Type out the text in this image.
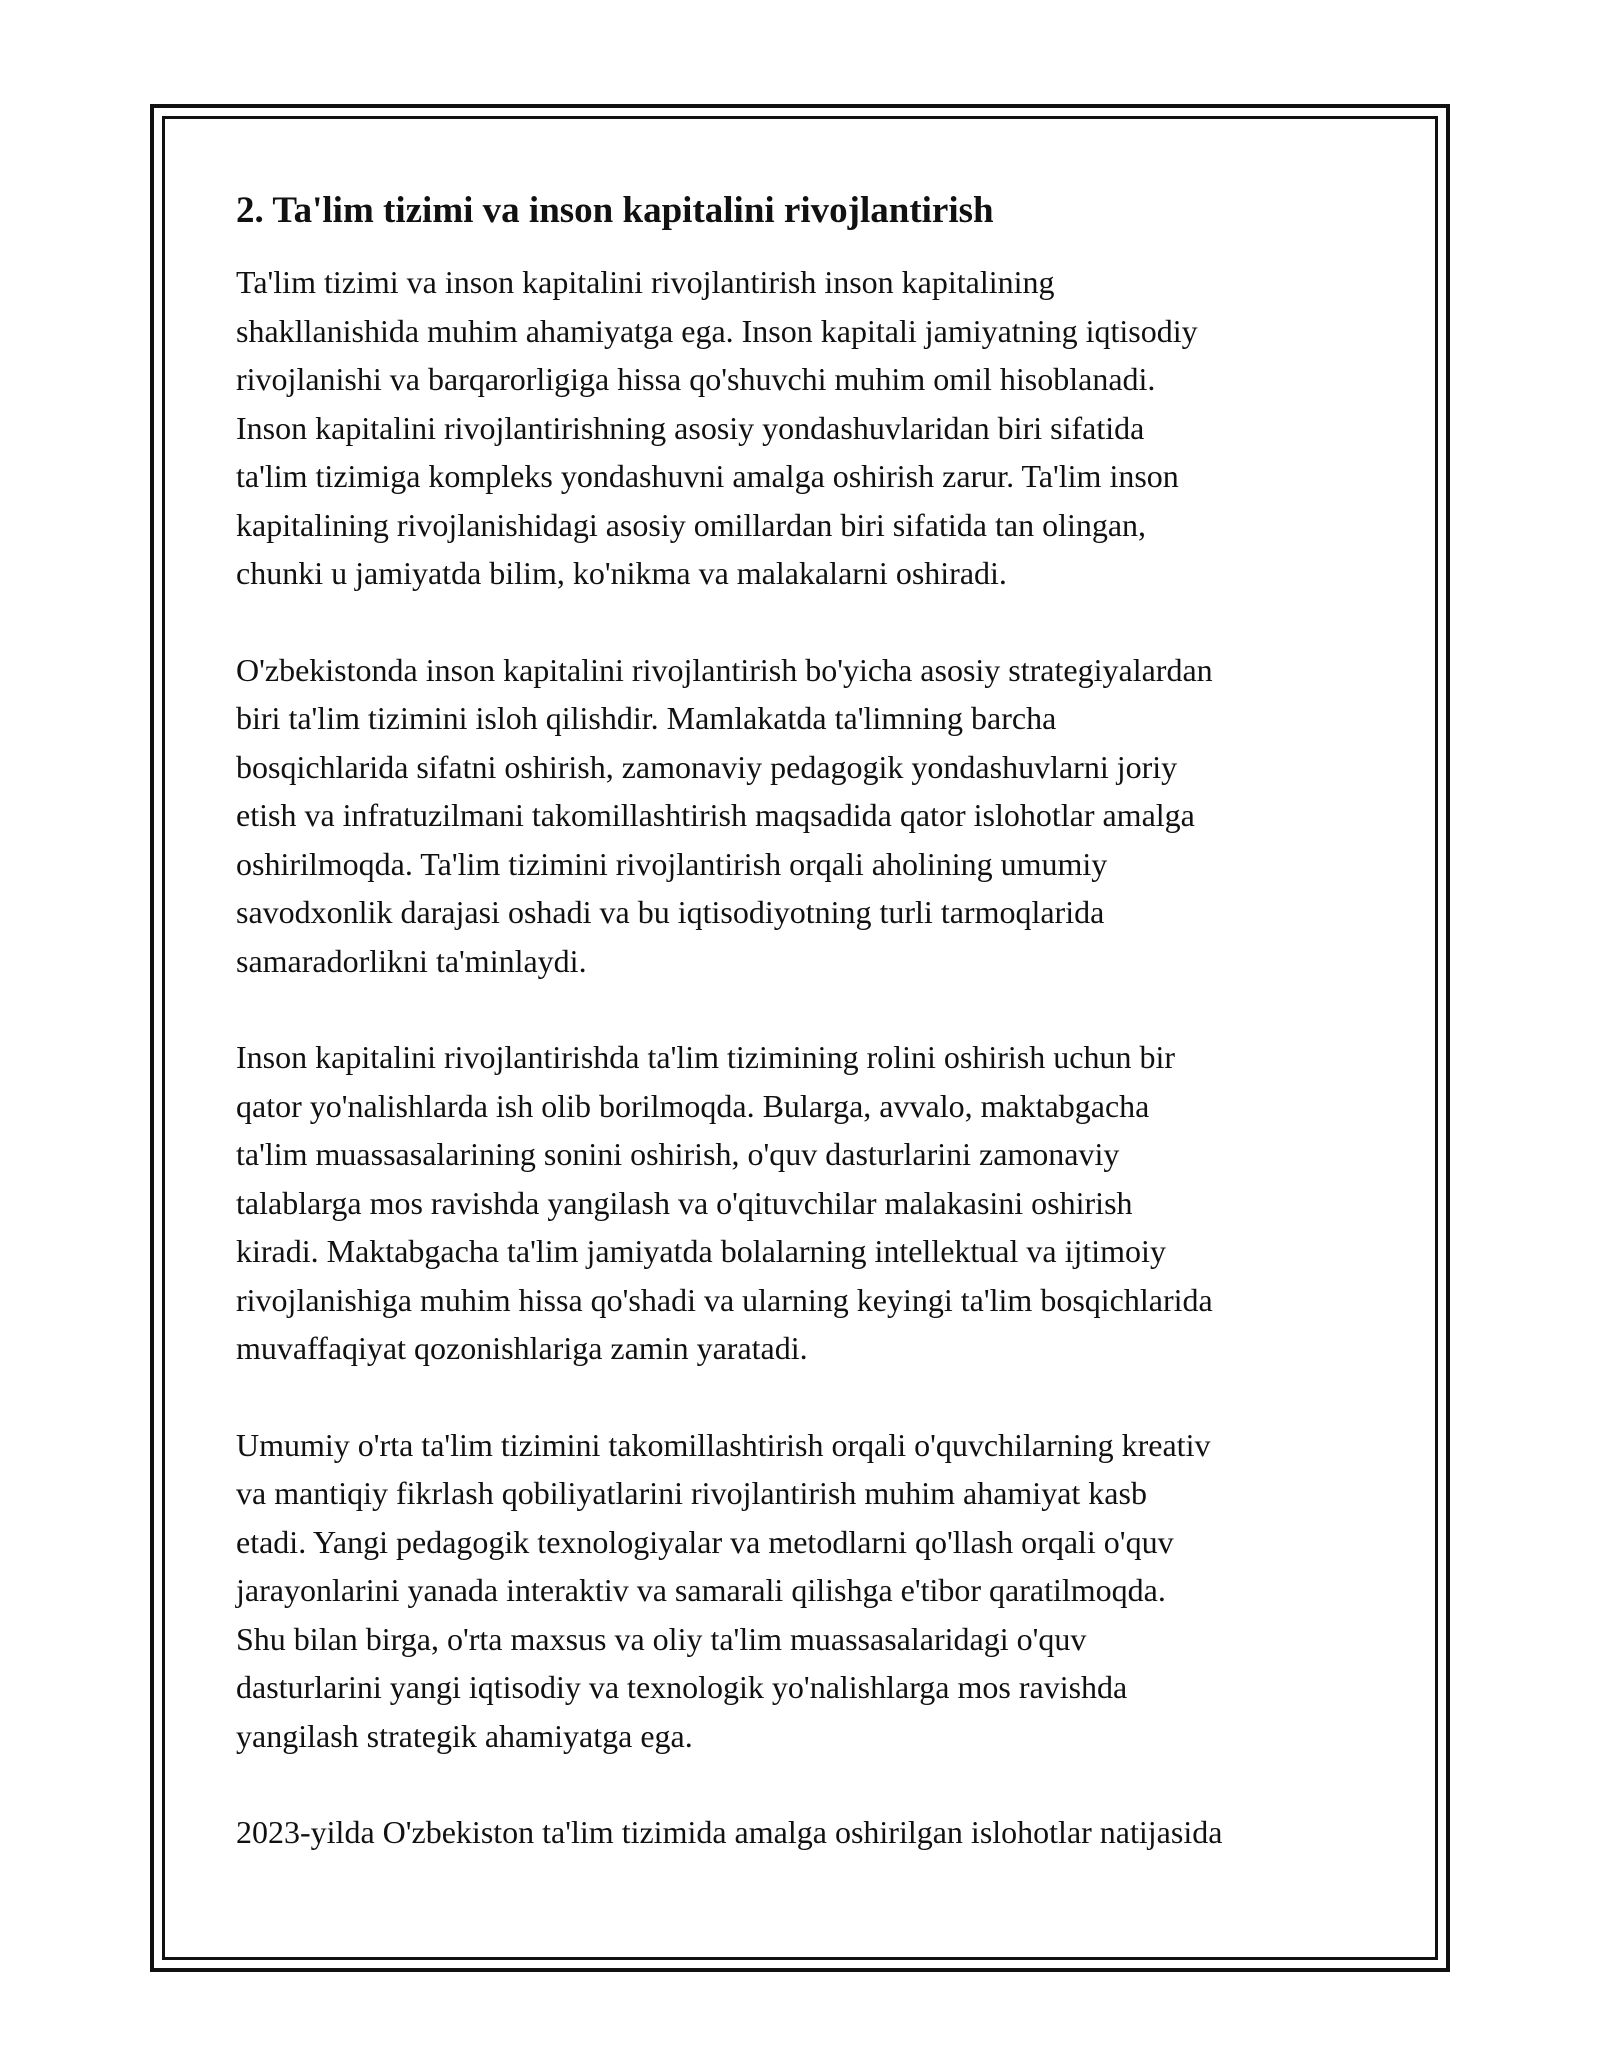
2. Ta'lim tizimi va inson kapitalini rivojlantirish

Ta'lim tizimi va inson kapitalini rivojlantirish inson kapitalining
shakllanishida muhim ahamiyatga ega. Inson kapitali jamiyatning iqtisodiy
rivojlanishi va barqarorligiga hissa qo'shuvchi muhim omil hisoblanadi.
Inson kapitalini rivojlantirishning asosiy yondashuvlaridan biri sifatida
ta'lim tizimiga kompleks yondashuvni amalga oshirish zarur. Ta'lim inson
kapitalining rivojlanishidagi asosiy omillardan biri sifatida tan olingan,
chunki u jamiyatda bilim, ko'nikma va malakalarni oshiradi.

O'zbekistonda inson kapitalini rivojlantirish bo'yicha asosiy strategiyalardan
biri ta'lim tizimini isloh qilishdir. Mamlakatda ta'limning barcha
bosqichlarida sifatni oshirish, zamonaviy pedagogik yondashuvlarni joriy
etish va infratuzilmani takomillashtirish maqsadida qator islohotlar amalga
oshirilmoqda. Ta'lim tizimini rivojlantirish orqali aholining umumiy
savodxonlik darajasi oshadi va bu iqtisodiyotning turli tarmoqlarida
samaradorlikni ta'minlaydi.

Inson kapitalini rivojlantirishda ta'lim tizimining rolini oshirish uchun bir
qator yo'nalishlarda ish olib borilmoqda. Bularga, avvalo, maktabgacha
ta'lim muassasalarining sonini oshirish, o'quv dasturlarini zamonaviy
talablarga mos ravishda yangilash va o'qituvchilar malakasini oshirish
kiradi. Maktabgacha ta'lim jamiyatda bolalarning intellektual va ijtimoiy
rivojlanishiga muhim hissa qo'shadi va ularning keyingi ta'lim bosqichlarida
muvaffaqiyat qozonishlariga zamin yaratadi.

Umumiy o'rta ta'lim tizimini takomillashtirish orqali o'quvchilarning kreativ
va mantiqiy fikrlash qobiliyatlarini rivojlantirish muhim ahamiyat kasb
etadi. Yangi pedagogik texnologiyalar va metodlarni qo'llash orqali o'quv
jarayonlarini yanada interaktiv va samarali qilishga e'tibor qaratilmoqda.
Shu bilan birga, o'rta maxsus va oliy ta'lim muassasalaridagi o'quv
dasturlarini yangi iqtisodiy va texnologik yo'nalishlarga mos ravishda
yangilash strategik ahamiyatga ega.

2023-yilda O'zbekiston ta'lim tizimida amalga oshirilgan islohotlar natijasida
